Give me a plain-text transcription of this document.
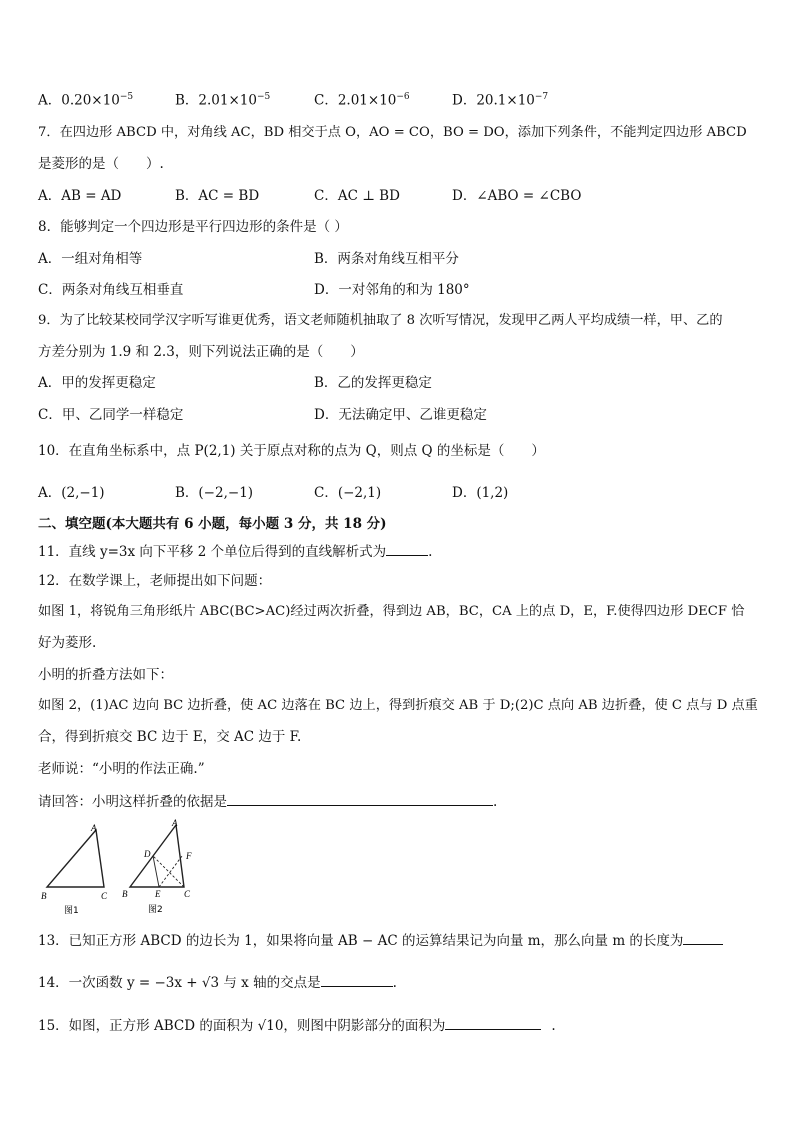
A．$0.20\times 10^{-5}$	B．$2.01\times 10^{-5}$	C．$2.01\times 10^{-6}$	D．$20.1\times 10^{-7}$
7．在四边形 ABCD 中，对角线 AC，BD 相交于点 O，AO = CO，BO = DO，添加下列条件，不能判定四边形 ABCD
是菱形的是（　　）.
A．AB = AD	B．AC = BD	C．AC ⊥ BD	D．∠ABO = ∠CBO
8．能够判定一个四边形是平行四边形的条件是（ ）
A．一组对角相等	B．两条对角线互相平分
C．两条对角线互相垂直	D．一对邻角的和为 180°
9．为了比较某校同学汉字听写谁更优秀，语文老师随机抽取了 8 次听写情况，发现甲乙两人平均成绩一样，甲、乙的
方差分别为 1.9 和 2.3，则下列说法正确的是（　　）
A．甲的发挥更稳定	B．乙的发挥更稳定
C．甲、乙同学一样稳定	D．无法确定甲、乙谁更稳定
10．在直角坐标系中，点 P(2,1) 关于原点对称的点为 Q，则点 Q 的坐标是（　　）
A．(2,−1)	B．(−2,−1)	C．(−2,1)	D．(1,2)
二、填空题(本大题共有 6 小题，每小题 3 分，共 18 分)
11．直线 y=3x 向下平移 2 个单位后得到的直线解析式为	.
12．在数学课上，老师提出如下问题：
如图 1，将锐角三角形纸片 ABC(BC>AC)经过两次折叠，得到边 AB，BC，CA 上的点 D，E，F.使得四边形 DECF 恰
好为菱形.
小明的折叠方法如下：
如图 2，(1)AC 边向 BC 边折叠，使 AC 边落在 BC 边上，得到折痕交 AB 于 D;(2)C 点向 AB 边折叠，使 C 点与 D 点重
合，得到折痕交 BC 边于 E，交 AC 边于 F.
老师说：“小明的作法正确.”
请回答：小明这样折叠的依据是	.
A
B	C
图1
A
D	F
B	E	C
图2
13．已知正方形 ABCD 的边长为 1，如果将向量 AB − AC 的运算结果记为向量 m，那么向量 m 的长度为
14．一次函数 y = −3x + √3 与 x 轴的交点是	.
15．如图，正方形 ABCD 的面积为 √10，则图中阴影部分的面积为	.
